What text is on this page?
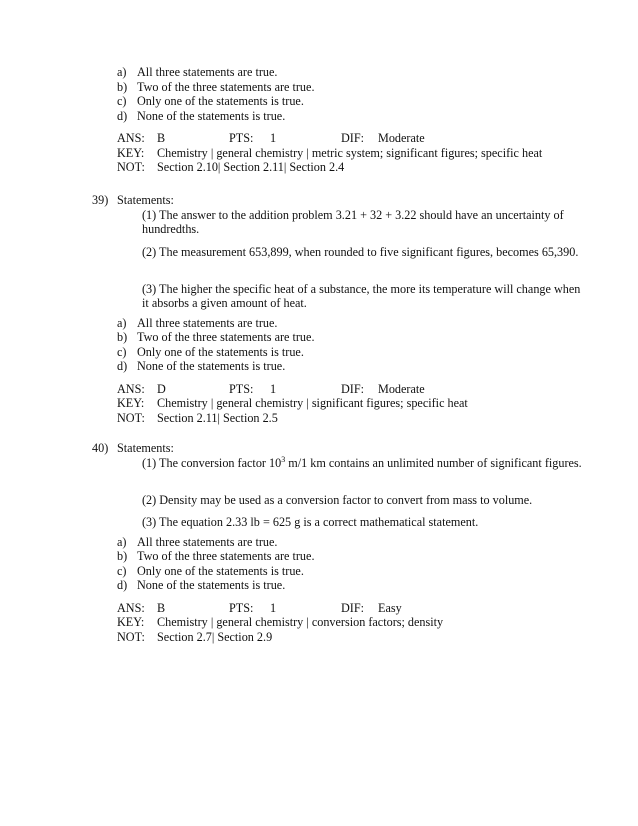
a) All three statements are true.
b) Two of the three statements are true.
c) Only one of the statements is true.
d) None of the statements is true.
ANS: B	PTS: 1	DIF: Moderate
KEY: Chemistry | general chemistry | metric system; significant figures; specific heat
NOT: Section 2.10| Section 2.11| Section 2.4
39) Statements:
(1) The answer to the addition problem 3.21 + 32 + 3.22 should have an uncertainty of hundredths.
(2) The measurement 653,899, when rounded to five significant figures, becomes 65,390.
(3) The higher the specific heat of a substance, the more its temperature will change when it absorbs a given amount of heat.
a) All three statements are true.
b) Two of the three statements are true.
c) Only one of the statements is true.
d) None of the statements is true.
ANS: D	PTS: 1	DIF: Moderate
KEY: Chemistry | general chemistry | significant figures; specific heat
NOT: Section 2.11| Section 2.5
40) Statements:
(1) The conversion factor $10^3$ m/1 km contains an unlimited number of significant figures.
(2) Density may be used as a conversion factor to convert from mass to volume.
(3) The equation 2.33 lb = 625 g is a correct mathematical statement.
a) All three statements are true.
b) Two of the three statements are true.
c) Only one of the statements is true.
d) None of the statements is true.
ANS: B	PTS: 1	DIF: Easy
KEY: Chemistry | general chemistry | conversion factors; density
NOT: Section 2.7| Section 2.9
